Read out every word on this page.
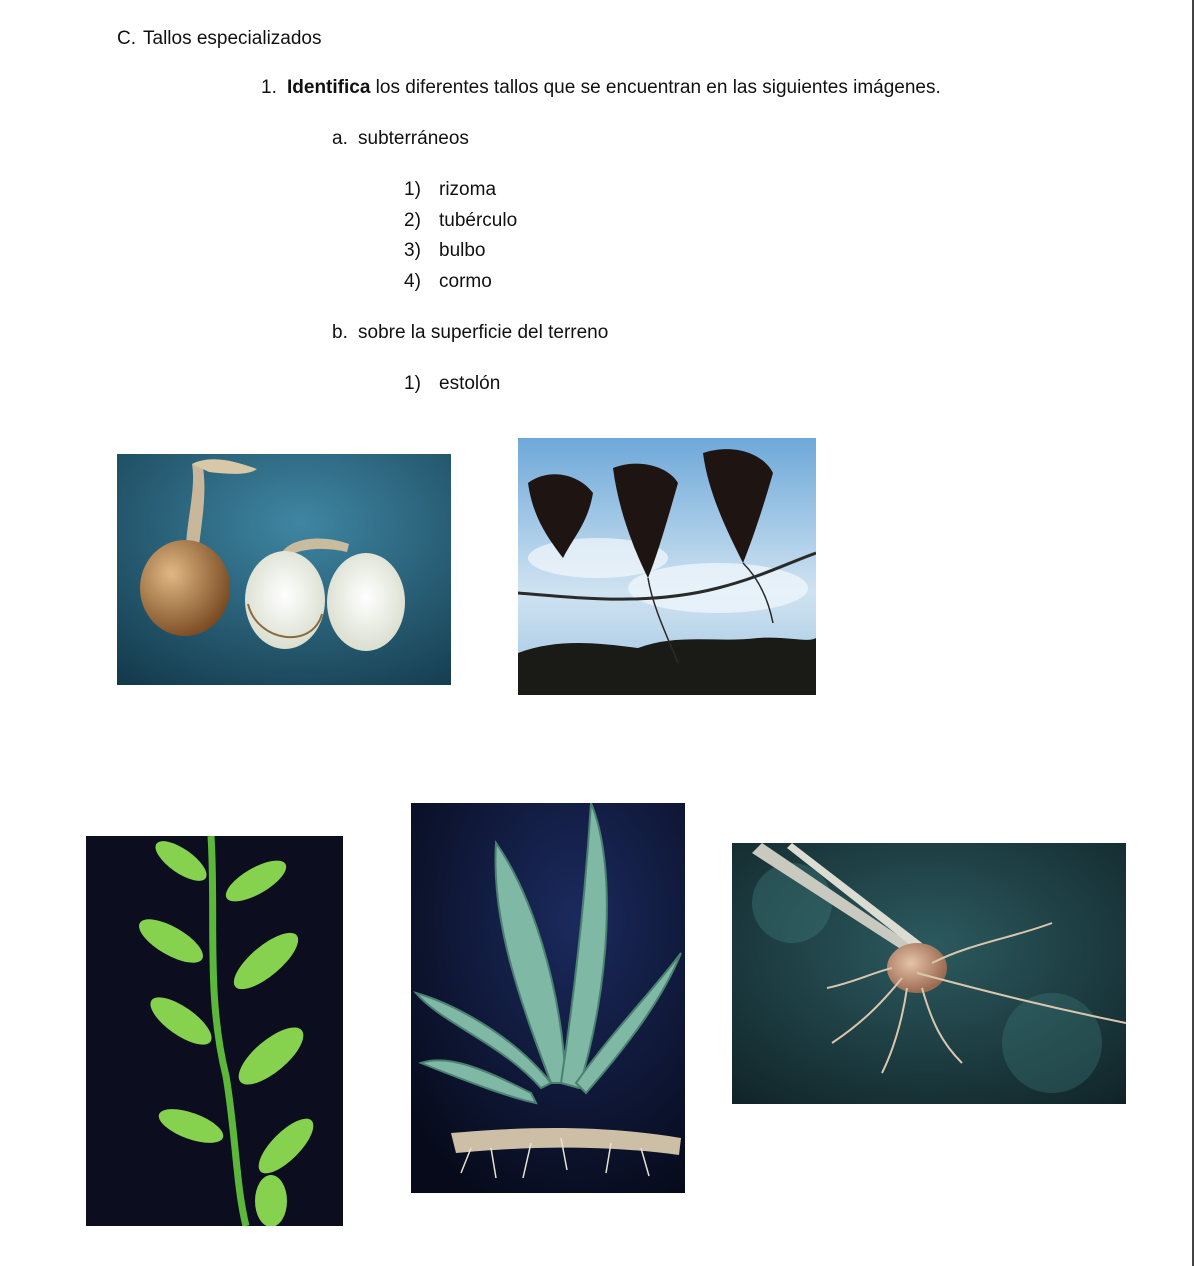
C. Tallos especializados
1. Identifica los diferentes tallos que se encuentran en las siguientes imágenes.
a. subterráneos
1) rizoma
2) tubérculo
3) bulbo
4) cormo
b. sobre la superficie del terreno
1) estolón
